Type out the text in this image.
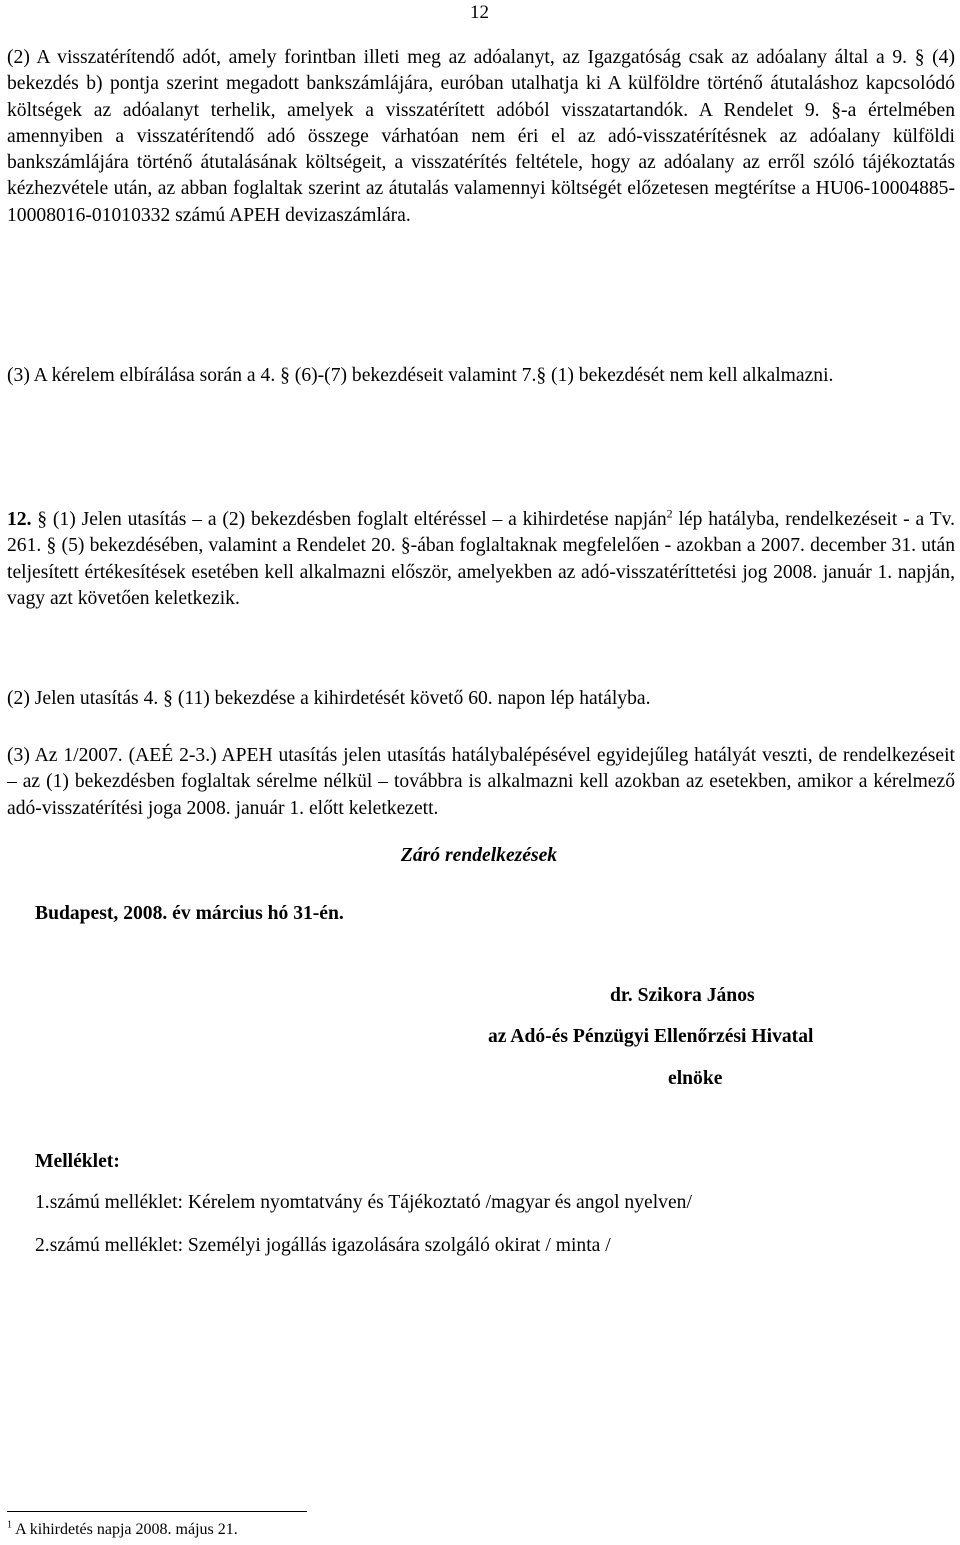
12
(2) A visszatérítendő adót, amely forintban illeti meg az adóalanyt, az Igazgatóság csak az adóalany által a 9. § (4) bekezdés b) pontja szerint megadott bankszámlájára, euróban utalhatja ki A külföldre történő átutaláshoz kapcsolódó költségek az adóalanyt terhelik, amelyek a visszatérített adóból visszatartandók. A Rendelet 9. §-a értelmében amennyiben a visszatérítendő adó összege várhatóan nem éri el az adó-visszatérítésnek az adóalany külföldi bankszámlájára történő átutalásának költségeit, a visszatérítés feltétele, hogy az adóalany az erről szóló tájékoztatás kézhezvétele után, az abban foglaltak szerint az átutalás valamennyi költségét előzetesen megtérítse a HU06-10004885-10008016-01010332 számú APEH devizaszámlára.
(3) A kérelem elbírálása során a 4. § (6)-(7) bekezdéseit valamint 7.§ (1) bekezdését nem kell alkalmazni.
Záró rendelkezések
12. § (1) Jelen utasítás – a (2) bekezdésben foglalt eltéréssel – a kihirdetése napján$^2$ lép hatályba, rendelkezéseit - a Tv. 261. § (5) bekezdésében, valamint a Rendelet 20. §-ában foglaltaknak megfelelően - azokban a 2007. december 31. után teljesített értékesítések esetében kell alkalmazni először, amelyekben az adó-visszatéríttetési jog 2008. január 1. napján, vagy azt követően keletkezik.
(2) Jelen utasítás 4. § (11) bekezdése a kihirdetését követő 60. napon lép hatályba.
(3) Az 1/2007. (AEÉ 2-3.) APEH utasítás jelen utasítás hatálybalépésével egyidejűleg hatályát veszti, de rendelkezéseit – az (1) bekezdésben foglaltak sérelme nélkül – továbbra is alkalmazni kell azokban az esetekben, amikor a kérelmező adó-visszatérítési joga 2008. január 1. előtt keletkezett.
Budapest, 2008. év március hó 31-én.
dr. Szikora János
az Adó-és Pénzügyi Ellenőrzési Hivatal
elnöke
Melléklet:
1.számú melléklet: Kérelem nyomtatvány és Tájékoztató /magyar és angol nyelven/
2.számú melléklet: Személyi jogállás igazolására szolgáló okirat / minta /
$^1$ A kihirdetés napja 2008. május 21.
